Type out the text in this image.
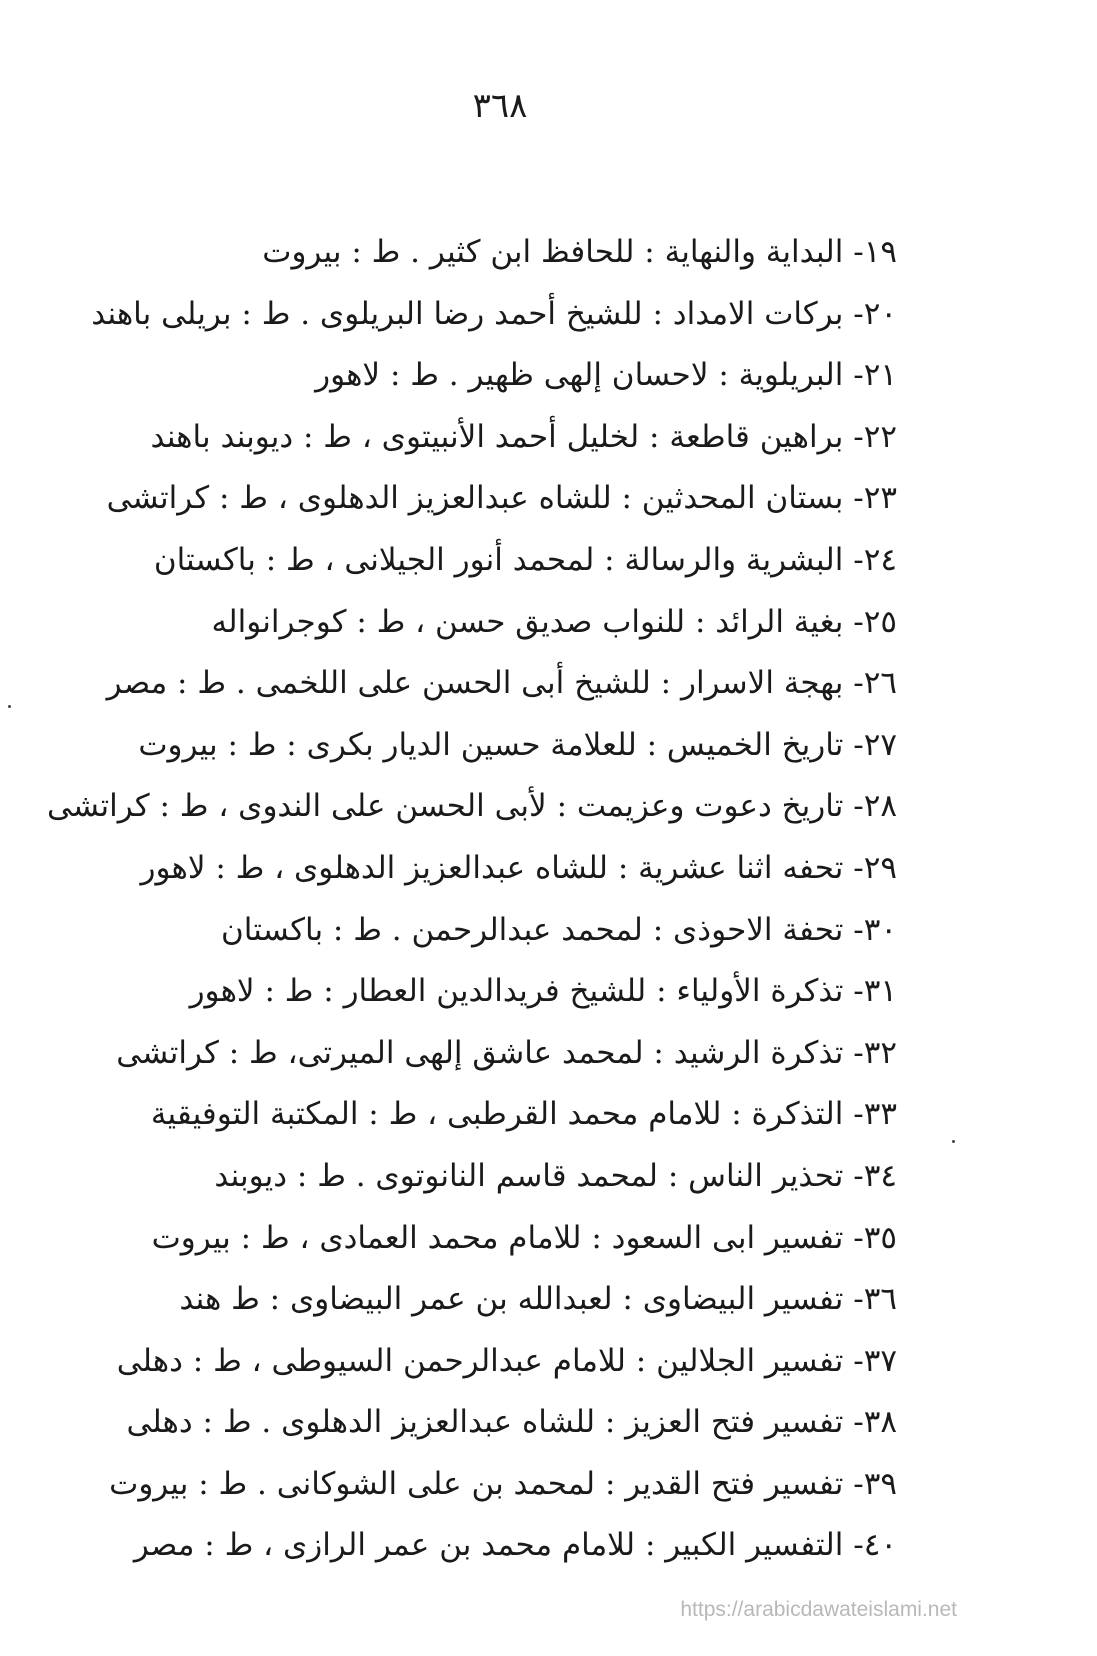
٣٦٨
١٩- البداية والنهاية : للحافظ ابن كثير . ط : بيروت
٢٠- بركات الامداد : للشيخ أحمد رضا البريلوى . ط : بريلى باهند
٢١- البريلوية : لاحسان إلهى ظهير . ط : لاهور
٢٢- براهين قاطعة : لخليل أحمد الأنبيتوى ، ط : ديوبند باهند
٢٣- بستان المحدثين : للشاه عبدالعزيز الدهلوى ، ط : كراتشى
٢٤- البشرية والرسالة : لمحمد أنور الجيلانى ، ط : باكستان
٢٥- بغية الرائد : للنواب صديق حسن ، ط : كوجرانواله
٢٦- بهجة الاسرار : للشيخ أبى الحسن على اللخمى . ط : مصر
٢٧- تاريخ الخميس : للعلامة حسين الديار بكرى : ط : بيروت
٢٨- تاريخ دعوت وعزيمت : لأبى الحسن على الندوى ، ط : كراتشى
٢٩- تحفه اثنا عشرية : للشاه عبدالعزيز الدهلوى ، ط : لاهور
٣٠- تحفة الاحوذى : لمحمد عبدالرحمن . ط : باكستان
٣١- تذكرة الأولياء : للشيخ فريدالدين العطار : ط : لاهور
٣٢- تذكرة الرشيد : لمحمد عاشق إلهى الميرتى، ط : كراتشى
٣٣- التذكرة : للامام محمد القرطبى ، ط : المكتبة التوفيقية
٣٤- تحذير الناس : لمحمد قاسم النانوتوى . ط : ديوبند
٣٥- تفسير ابى السعود : للامام محمد العمادى ، ط : بيروت
٣٦- تفسير البيضاوى : لعبدالله بن عمر البيضاوى : ط هند
٣٧- تفسير الجلالين : للامام عبدالرحمن السيوطى ، ط : دهلى
٣٨- تفسير فتح العزيز : للشاه عبدالعزيز الدهلوى . ط : دهلى
٣٩- تفسير فتح القدير : لمحمد بن على الشوكانى . ط : بيروت
٤٠- التفسير الكبير : للامام محمد بن عمر الرازى ، ط : مصر
https://arabicdawateislami.net
